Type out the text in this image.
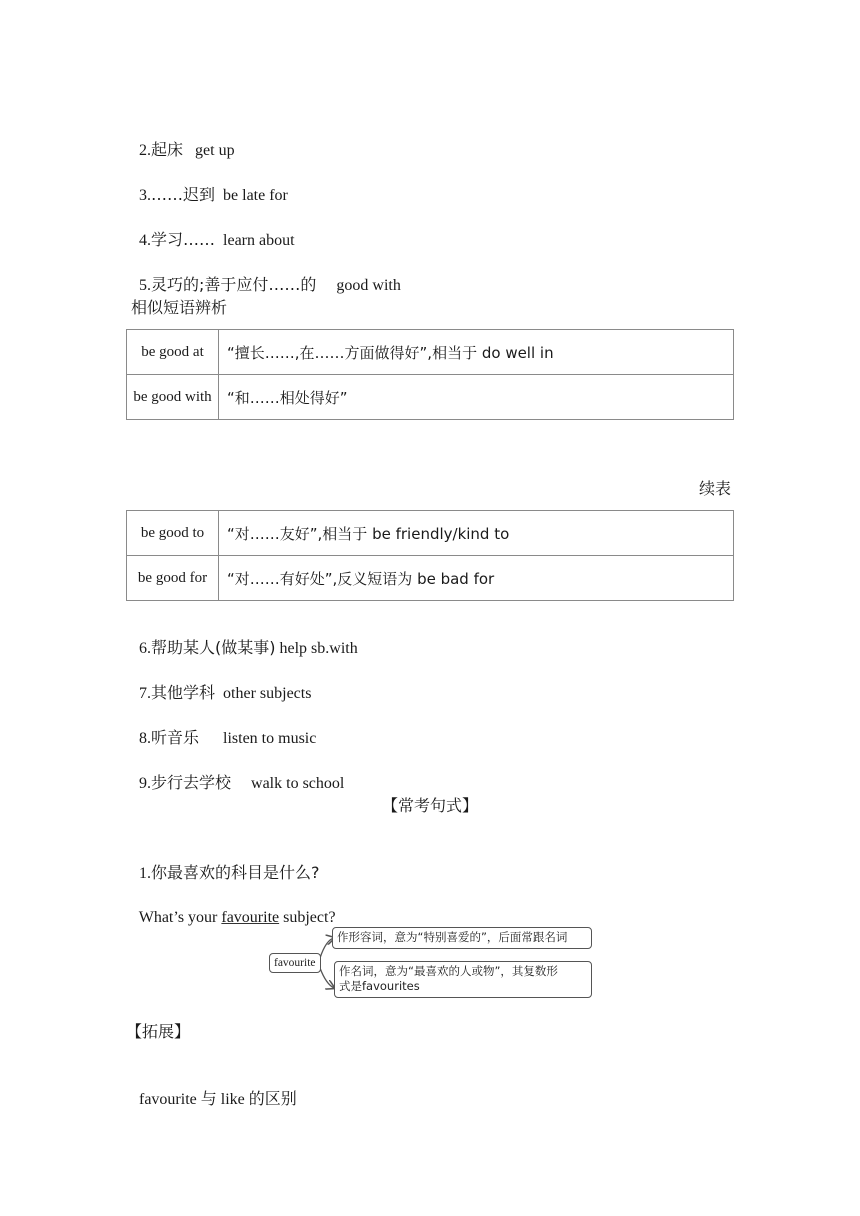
2.起床 get up

3.……迟到 be late for

4.学习…… learn about

5.灵巧的;善于应付……的 good with

相似短语辨析
be good at	“擅长……,在……方面做得好”,相当于 do well in
be good with	“和……相处得好”
续表
be good to	“对……友好”,相当于 be friendly/kind to
be good for	“对……有好处”,反义短语为 be bad for

6.帮助某人(做某事) help sb.with

7.其他学科 other subjects

8.听音乐 listen to music

9.步行去学校 walk to school

【常考句式】

1.你最喜欢的科目是什么?

What’s your favourite subject?

favourite
作形容词，意为“特别喜爱的”，后面常跟名词
作名词，意为“最喜欢的人或物”，其复数形
式是favourites
【拓展】

favourite 与 like 的区别
